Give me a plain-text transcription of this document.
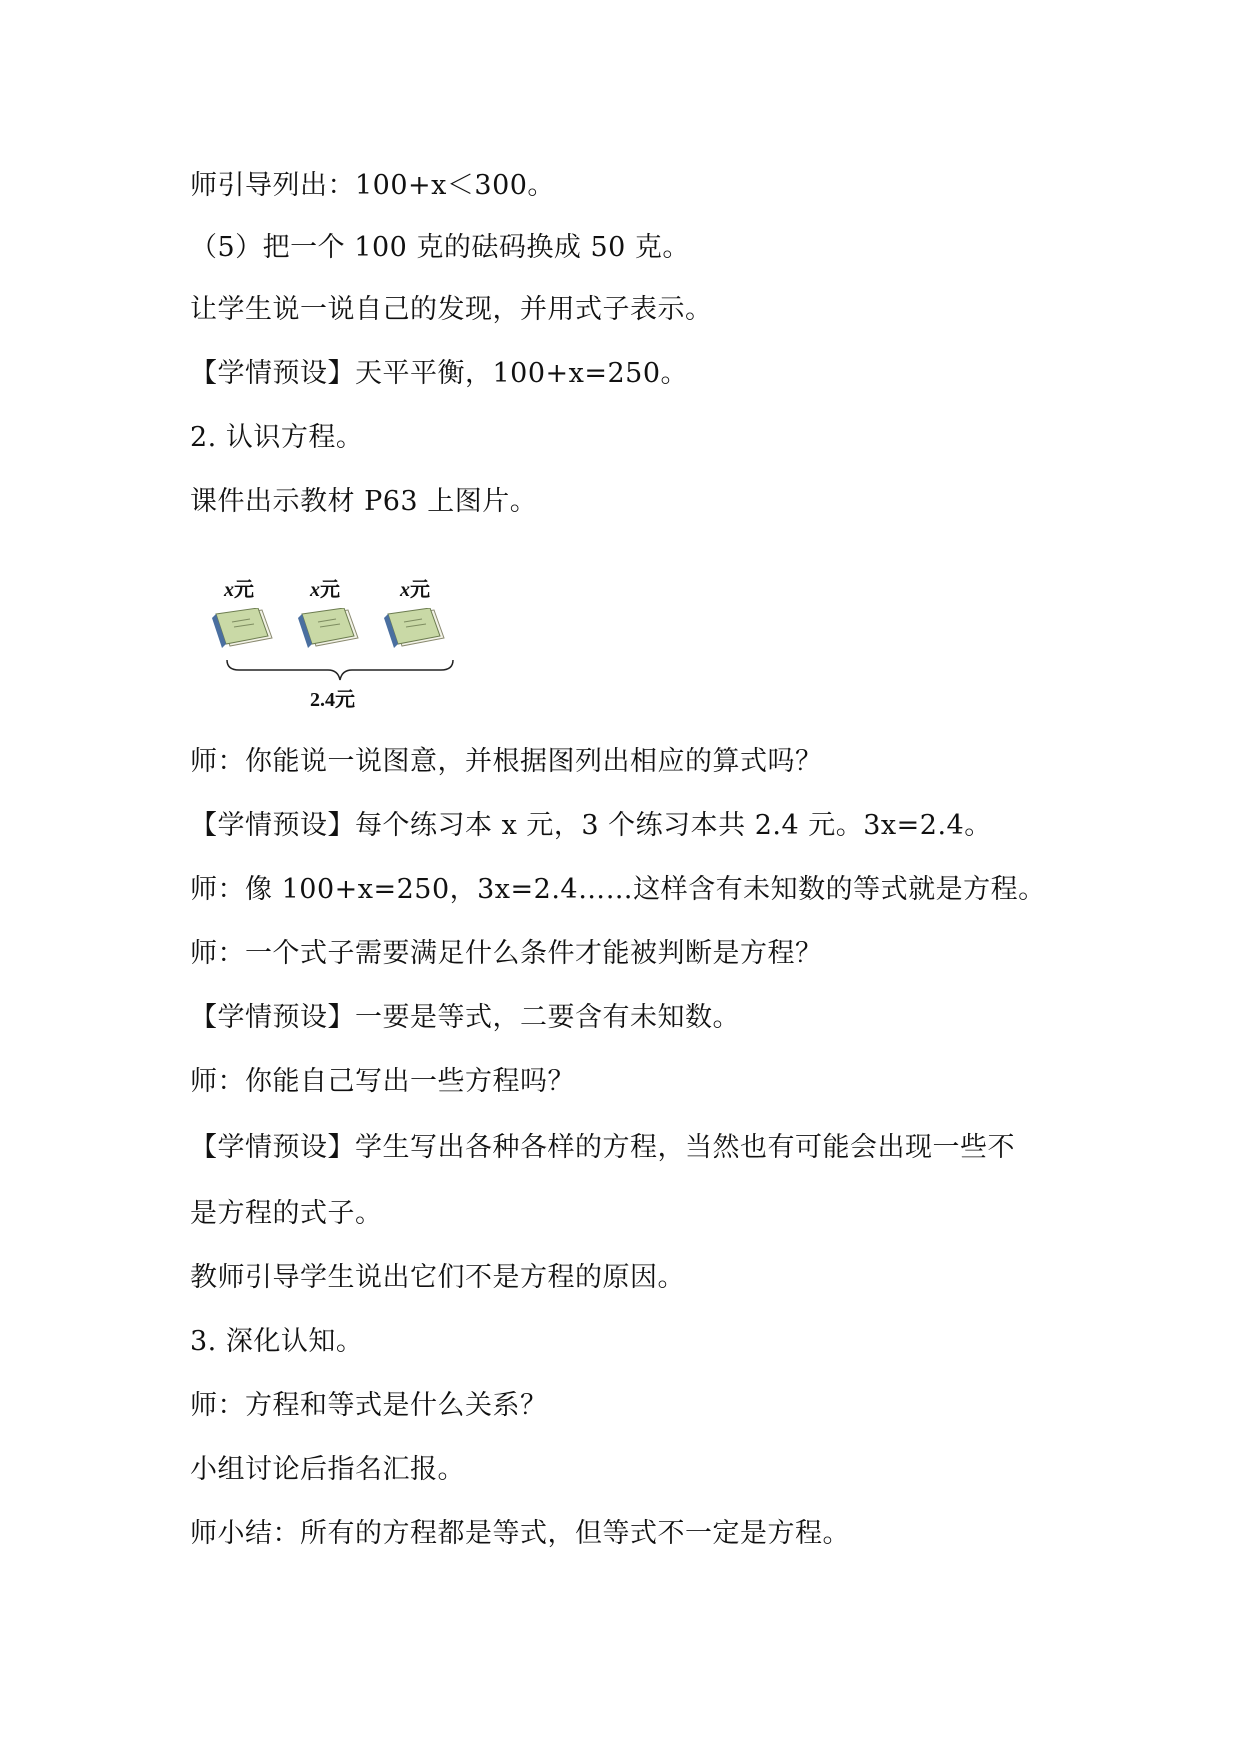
师引导列出：100+x＜300。
（5）把一个 100 克的砝码换成 50 克。
让学生说一说自己的发现，并用式子表示。
【学情预设】天平平衡，100+x=250。
2. 认识方程。
课件出示教材 P63 上图片。
x元	x元	x元
2.4元
师：你能说一说图意，并根据图列出相应的算式吗？
【学情预设】每个练习本 x 元，3 个练习本共 2.4 元。3x=2.4。
师：像 100+x=250，3x=2.4……这样含有未知数的等式就是方程。
师：一个式子需要满足什么条件才能被判断是方程？
【学情预设】一要是等式，二要含有未知数。
师：你能自己写出一些方程吗？
【学情预设】学生写出各种各样的方程，当然也有可能会出现一些不
是方程的式子。
教师引导学生说出它们不是方程的原因。
3. 深化认知。
师：方程和等式是什么关系？
小组讨论后指名汇报。
师小结：所有的方程都是等式，但等式不一定是方程。
